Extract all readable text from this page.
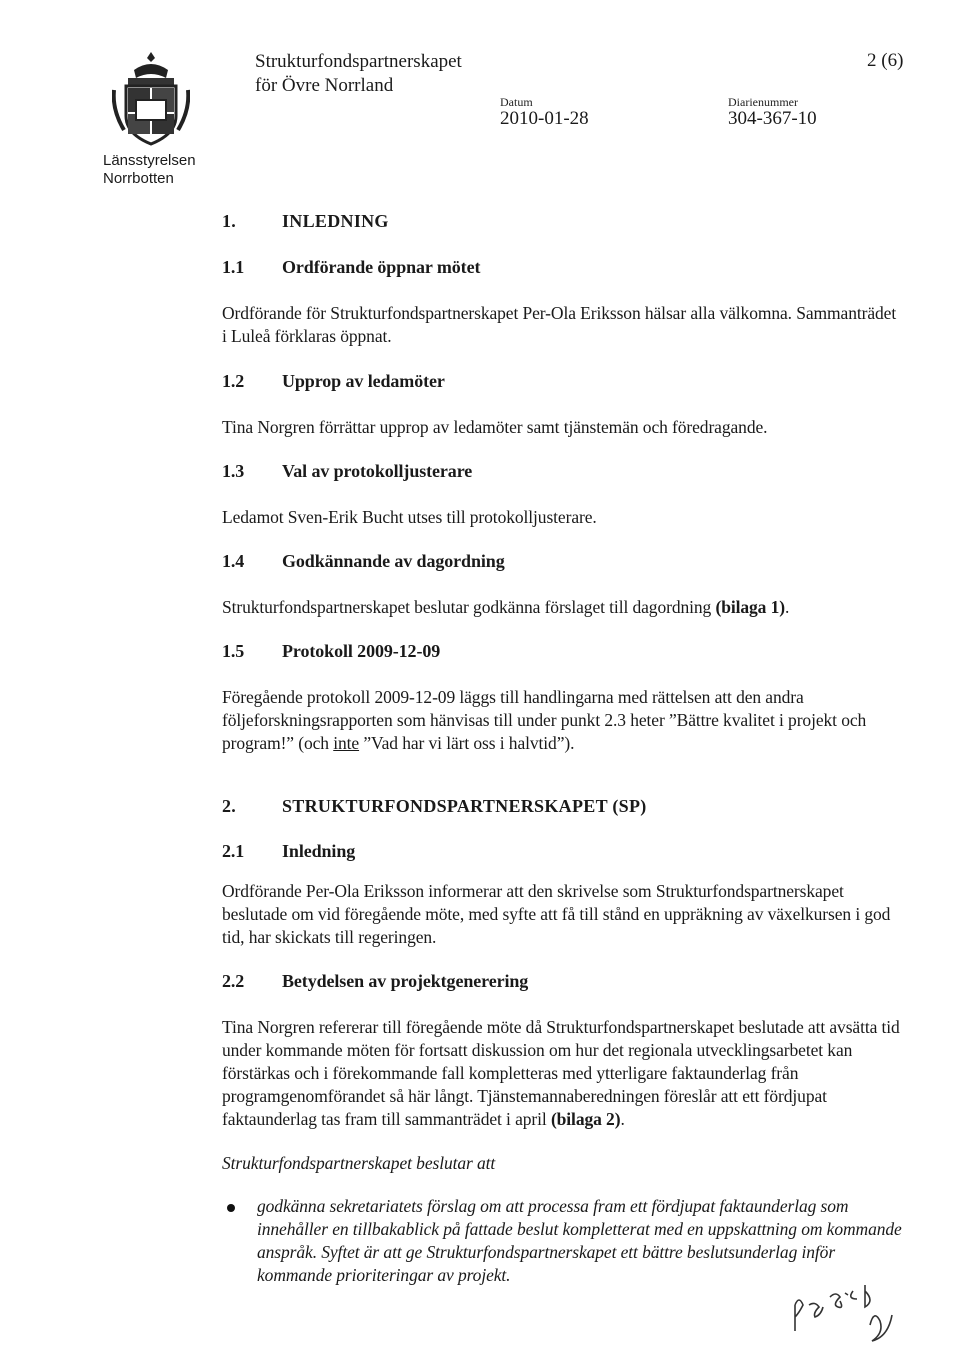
Länsstyrelsen
Norrbotten
Strukturfondspartnerskapet
för Övre Norrland
2 (6)
Datum
2010-01-28
Diarienummer
304-367-10
1.	INLEDNING
1.1 Ordförande öppnar mötet
Ordförande för Strukturfondspartnerskapet Per-Ola Eriksson hälsar alla välkomna. Sammanträdet i Luleå förklaras öppnat.
1.2 Upprop av ledamöter
Tina Norgren förrättar upprop av ledamöter samt tjänstemän och föredragande.
1.3 Val av protokolljusterare
Ledamot Sven-Erik Bucht utses till protokolljusterare.
1.4 Godkännande av dagordning
Strukturfondspartnerskapet beslutar godkänna förslaget till dagordning (bilaga 1).
1.5 Protokoll 2009-12-09
Föregående protokoll 2009-12-09 läggs till handlingarna med rättelsen att den andra följeforskningsrapporten som hänvisas till under punkt 2.3 heter ”Bättre kvalitet i projekt och program!” (och inte ”Vad har vi lärt oss i halvtid”).
2.	STRUKTURFONDSPARTNERSKAPET (SP)
2.1 Inledning
Ordförande Per-Ola Eriksson informerar att den skrivelse som Strukturfondspartnerskapet beslutade om vid föregående möte, med syfte att få till stånd en uppräkning av växelkursen i god tid, har skickats till regeringen.
2.2 Betydelsen av projektgenerering
Tina Norgren refererar till föregående möte då Strukturfondspartnerskapet beslutade att avsätta tid under kommande möten för fortsatt diskussion om hur det regionala utvecklingsarbetet kan förstärkas och i förekommande fall kompletteras med ytterligare faktaunderlag från programgenomförandet så här långt. Tjänstemannaberedningen föreslår att ett fördjupat faktaunderlag tas fram till sammanträdet i april (bilaga 2).
Strukturfondspartnerskapet beslutar att
godkänna sekretariatets förslag om att processa fram ett fördjupat faktaunderlag som innehåller en tillbakablick på fattade beslut kompletterat med en uppskattning om kommande anspråk. Syftet är att ge Strukturfondspartnerskapet ett bättre beslutsunderlag inför kommande prioriteringar av projekt.
